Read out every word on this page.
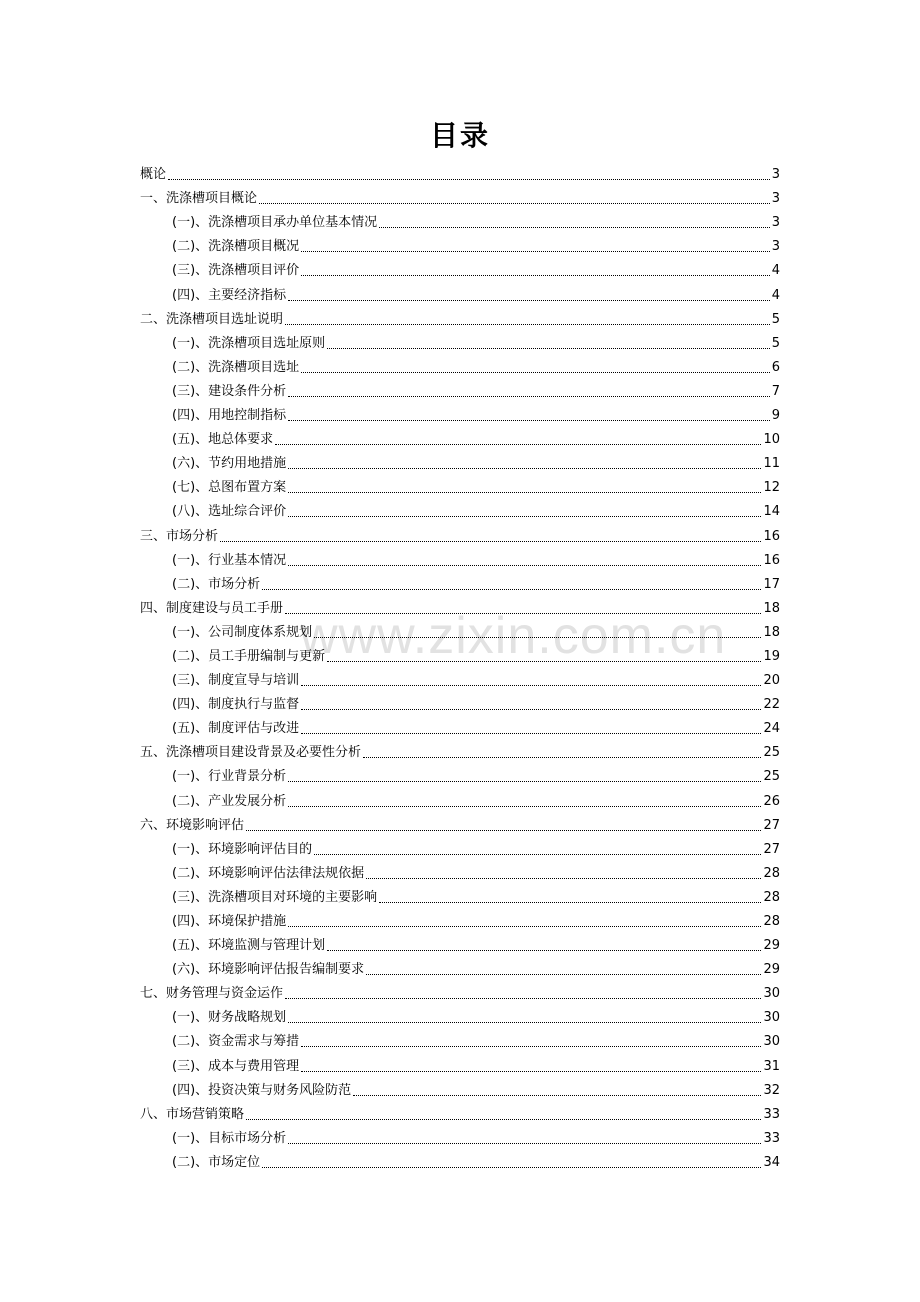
目录
www.zixin.com.cn
概论	3
一、洗涤槽项目概论	3
(一)、洗涤槽项目承办单位基本情况	3
(二)、洗涤槽项目概况	3
(三)、洗涤槽项目评价	4
(四)、主要经济指标	4
二、洗涤槽项目选址说明	5
(一)、洗涤槽项目选址原则	5
(二)、洗涤槽项目选址	6
(三)、建设条件分析	7
(四)、用地控制指标	9
(五)、地总体要求	10
(六)、节约用地措施	11
(七)、总图布置方案	12
(八)、选址综合评价	14
三、市场分析	16
(一)、行业基本情况	16
(二)、市场分析	17
四、制度建设与员工手册	18
(一)、公司制度体系规划	18
(二)、员工手册编制与更新	19
(三)、制度宣导与培训	20
(四)、制度执行与监督	22
(五)、制度评估与改进	24
五、洗涤槽项目建设背景及必要性分析	25
(一)、行业背景分析	25
(二)、产业发展分析	26
六、环境影响评估	27
(一)、环境影响评估目的	27
(二)、环境影响评估法律法规依据	28
(三)、洗涤槽项目对环境的主要影响	28
(四)、环境保护措施	28
(五)、环境监测与管理计划	29
(六)、环境影响评估报告编制要求	29
七、财务管理与资金运作	30
(一)、财务战略规划	30
(二)、资金需求与筹措	30
(三)、成本与费用管理	31
(四)、投资决策与财务风险防范	32
八、市场营销策略	33
(一)、目标市场分析	33
(二)、市场定位	34
